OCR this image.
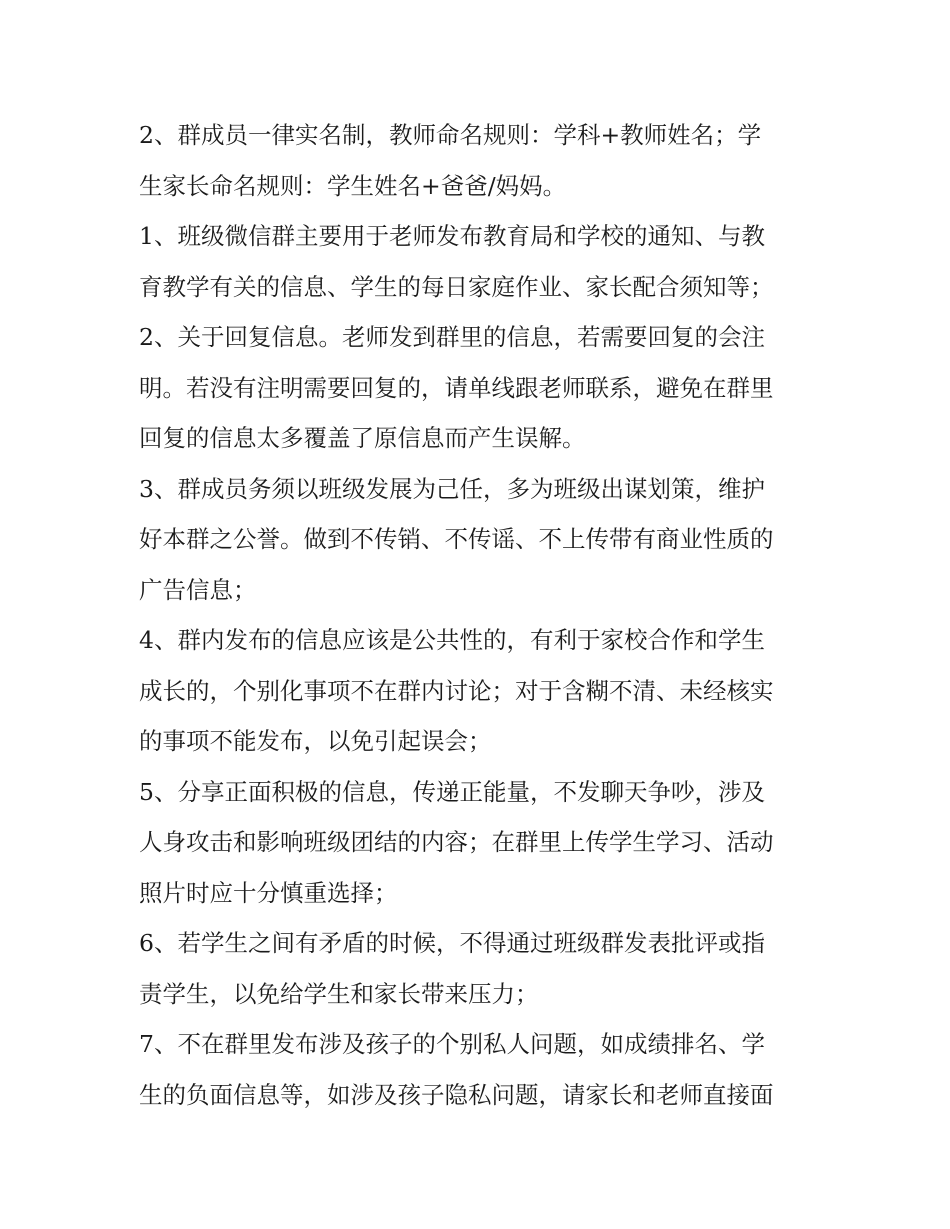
2、群成员一律实名制，教师命名规则：学科+教师姓名；学
生家长命名规则：学生姓名+爸爸/妈妈。
1、班级微信群主要用于老师发布教育局和学校的通知、与教
育教学有关的信息、学生的每日家庭作业、家长配合须知等；
2、关于回复信息。老师发到群里的信息，若需要回复的会注
明。若没有注明需要回复的，请单线跟老师联系，避免在群里
回复的信息太多覆盖了原信息而产生误解。
3、群成员务须以班级发展为己任，多为班级出谋划策，维护
好本群之公誉。做到不传销、不传谣、不上传带有商业性质的
广告信息；
4、群内发布的信息应该是公共性的，有利于家校合作和学生
成长的，个别化事项不在群内讨论；对于含糊不清、未经核实
的事项不能发布，以免引起误会；
5、分享正面积极的信息，传递正能量，不发聊天争吵，涉及
人身攻击和影响班级团结的内容；在群里上传学生学习、活动
照片时应十分慎重选择；
6、若学生之间有矛盾的时候，不得通过班级群发表批评或指
责学生，以免给学生和家长带来压力；
7、不在群里发布涉及孩子的个别私人问题，如成绩排名、学
生的负面信息等，如涉及孩子隐私问题，请家长和老师直接面
